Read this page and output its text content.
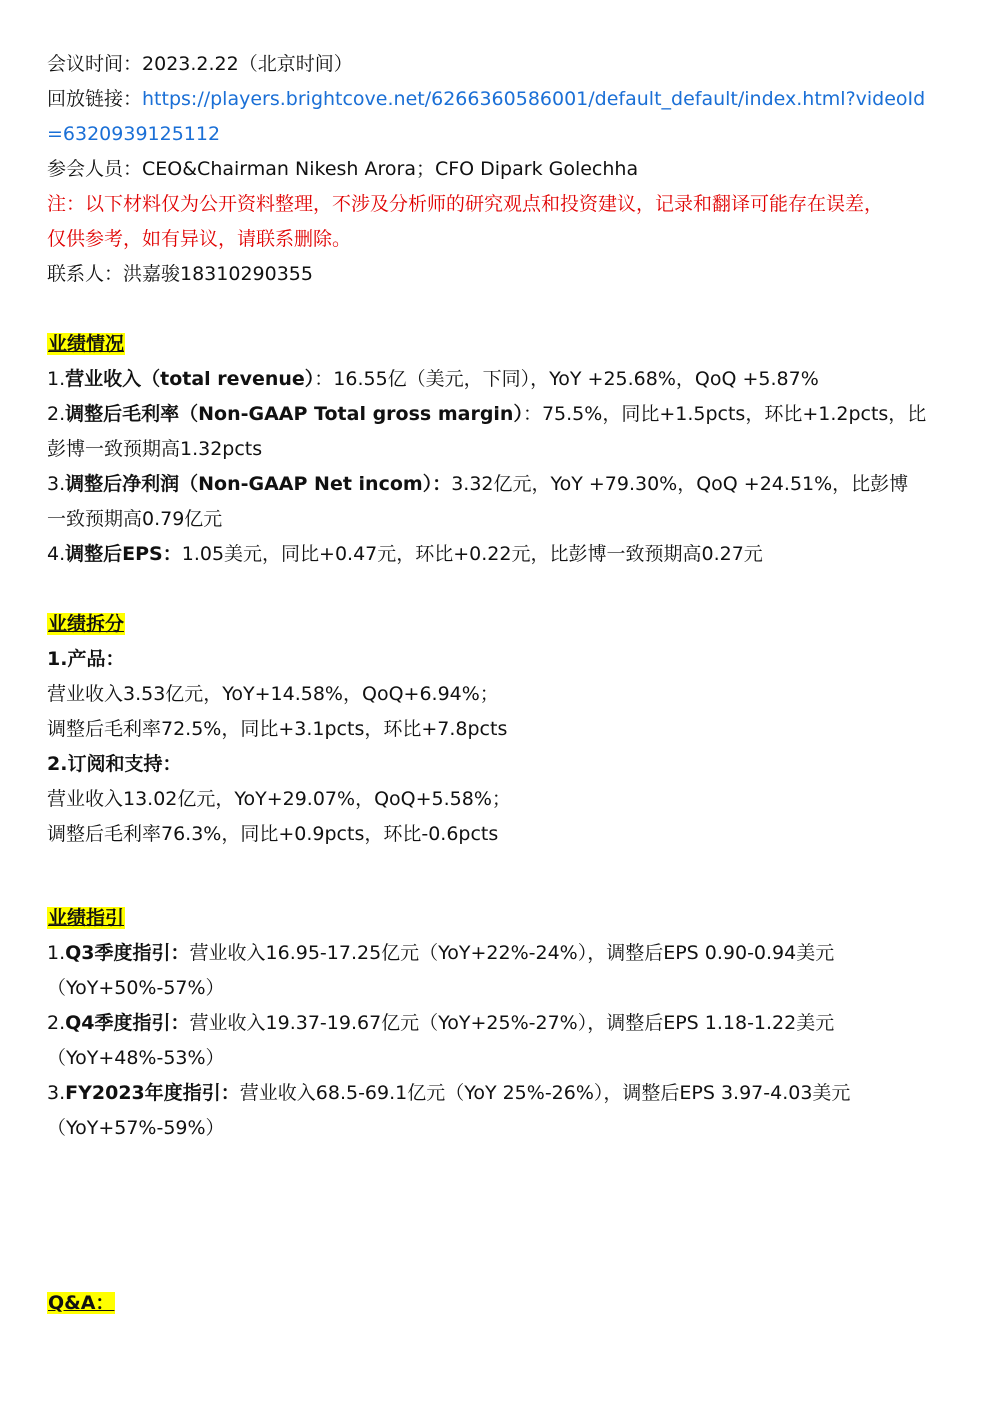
会议时间：2023.2.22（北京时间）
回放链接：https://players.brightcove.net/6266360586001/default_default/index.html?videoId
=6320939125112
参会人员：CEO&Chairman Nikesh Arora；CFO Dipark Golechha
注：以下材料仅为公开资料整理，不涉及分析师的研究观点和投资建议，记录和翻译可能存在误差，
仅供参考，如有异议，请联系删除。
联系人：洪嘉骏18310290355
业绩情况
1.营业收入（total revenue）：16.55亿（美元，下同），YoY +25.68%，QoQ +5.87%
2.调整后毛利率（Non-GAAP Total gross margin）：75.5%，同比+1.5pcts，环比+1.2pcts，比
彭博一致预期高1.32pcts
3.调整后净利润（Non-GAAP Net incom）：3.32亿元，YoY +79.30%，QoQ +24.51%，比彭博
一致预期高0.79亿元
4.调整后EPS：1.05美元，同比+0.47元，环比+0.22元，比彭博一致预期高0.27元
业绩拆分
1.产品：
营业收入3.53亿元，YoY+14.58%，QoQ+6.94%；
调整后毛利率72.5%，同比+3.1pcts，环比+7.8pcts
2.订阅和支持：
营业收入13.02亿元，YoY+29.07%，QoQ+5.58%；
调整后毛利率76.3%，同比+0.9pcts，环比-0.6pcts
业绩指引
1.Q3季度指引：营业收入16.95-17.25亿元（YoY+22%-24%），调整后EPS 0.90-0.94美元
（YoY+50%-57%）
2.Q4季度指引：营业收入19.37-19.67亿元（YoY+25%-27%），调整后EPS 1.18-1.22美元
（YoY+48%-53%）
3.FY2023年度指引：营业收入68.5-69.1亿元（YoY 25%-26%），调整后EPS 3.97-4.03美元
（YoY+57%-59%）
Q&A：
